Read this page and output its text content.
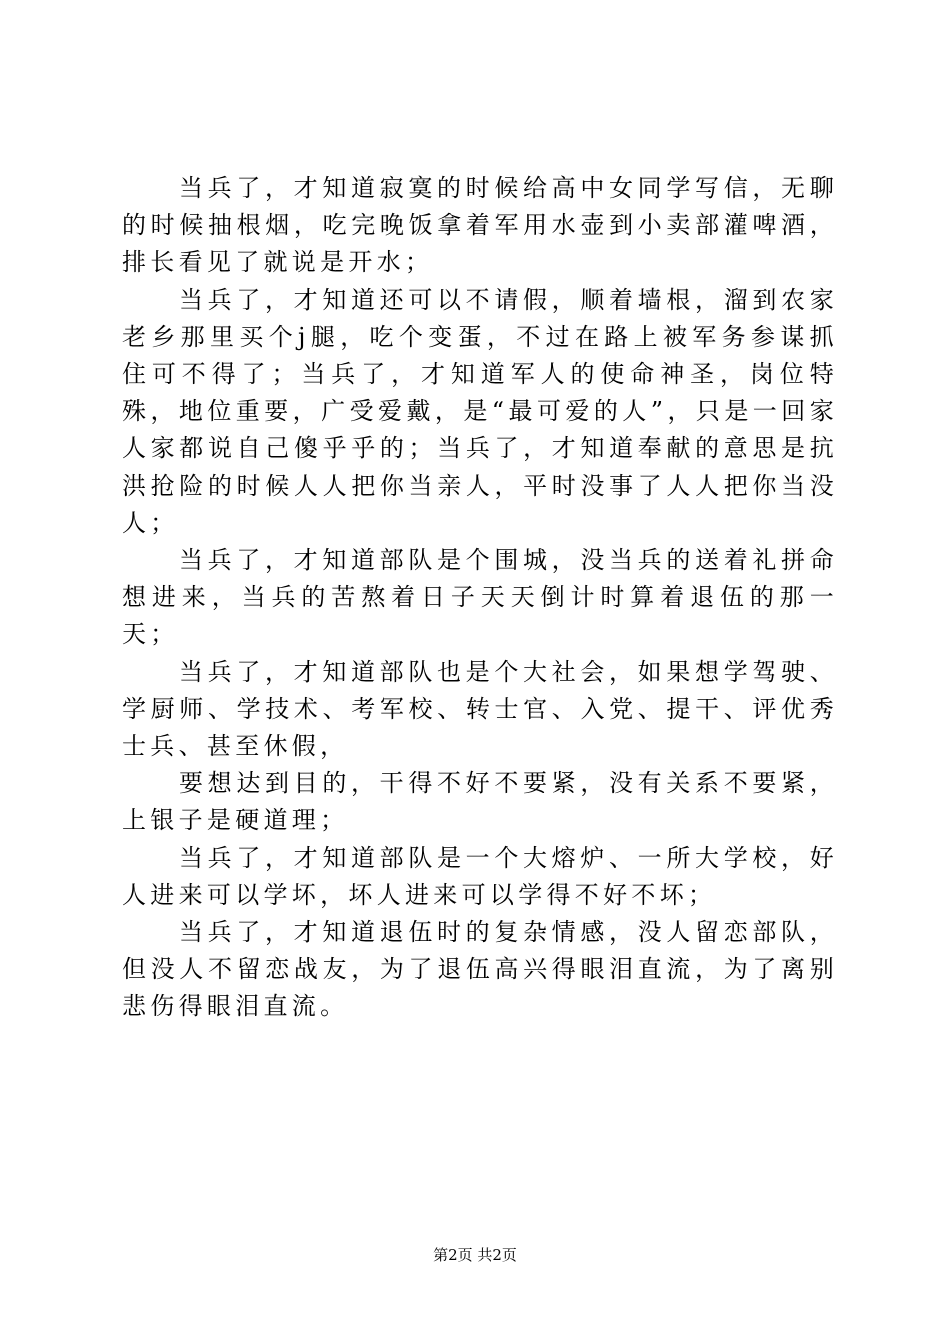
当兵了，才知道寂寞的时候给高中女同学写信，无聊的时候抽根烟，吃完晚饭拿着军用水壶到小卖部灌啤酒，排长看见了就说是开水；

当兵了，才知道还可以不请假，顺着墙根，溜到农家老乡那里买个j腿，吃个变蛋，不过在路上被军务参谋抓住可不得了；当兵了，才知道军人的使命神圣，岗位特殊，地位重要，广受爱戴，是“最可爱的人”，只是一回家人家都说自己傻乎乎的；当兵了，才知道奉献的意思是抗洪抢险的时候人人把你当亲人，平时没事了人人把你当没人；

当兵了，才知道部队是个围城，没当兵的送着礼拼命想进来，当兵的苦熬着日子天天倒计时算着退伍的那一天；

当兵了，才知道部队也是个大社会，如果想学驾驶、学厨师、学技术、考军校、转士官、入党、提干、评优秀士兵、甚至休假，

要想达到目的，干得不好不要紧，没有关系不要紧，上银子是硬道理；

当兵了，才知道部队是一个大熔炉、一所大学校，好人进来可以学坏，坏人进来可以学得不好不坏；

当兵了，才知道退伍时的复杂情感，没人留恋部队，但没人不留恋战友，为了退伍高兴得眼泪直流，为了离别悲伤得眼泪直流。

第2页 共2页
